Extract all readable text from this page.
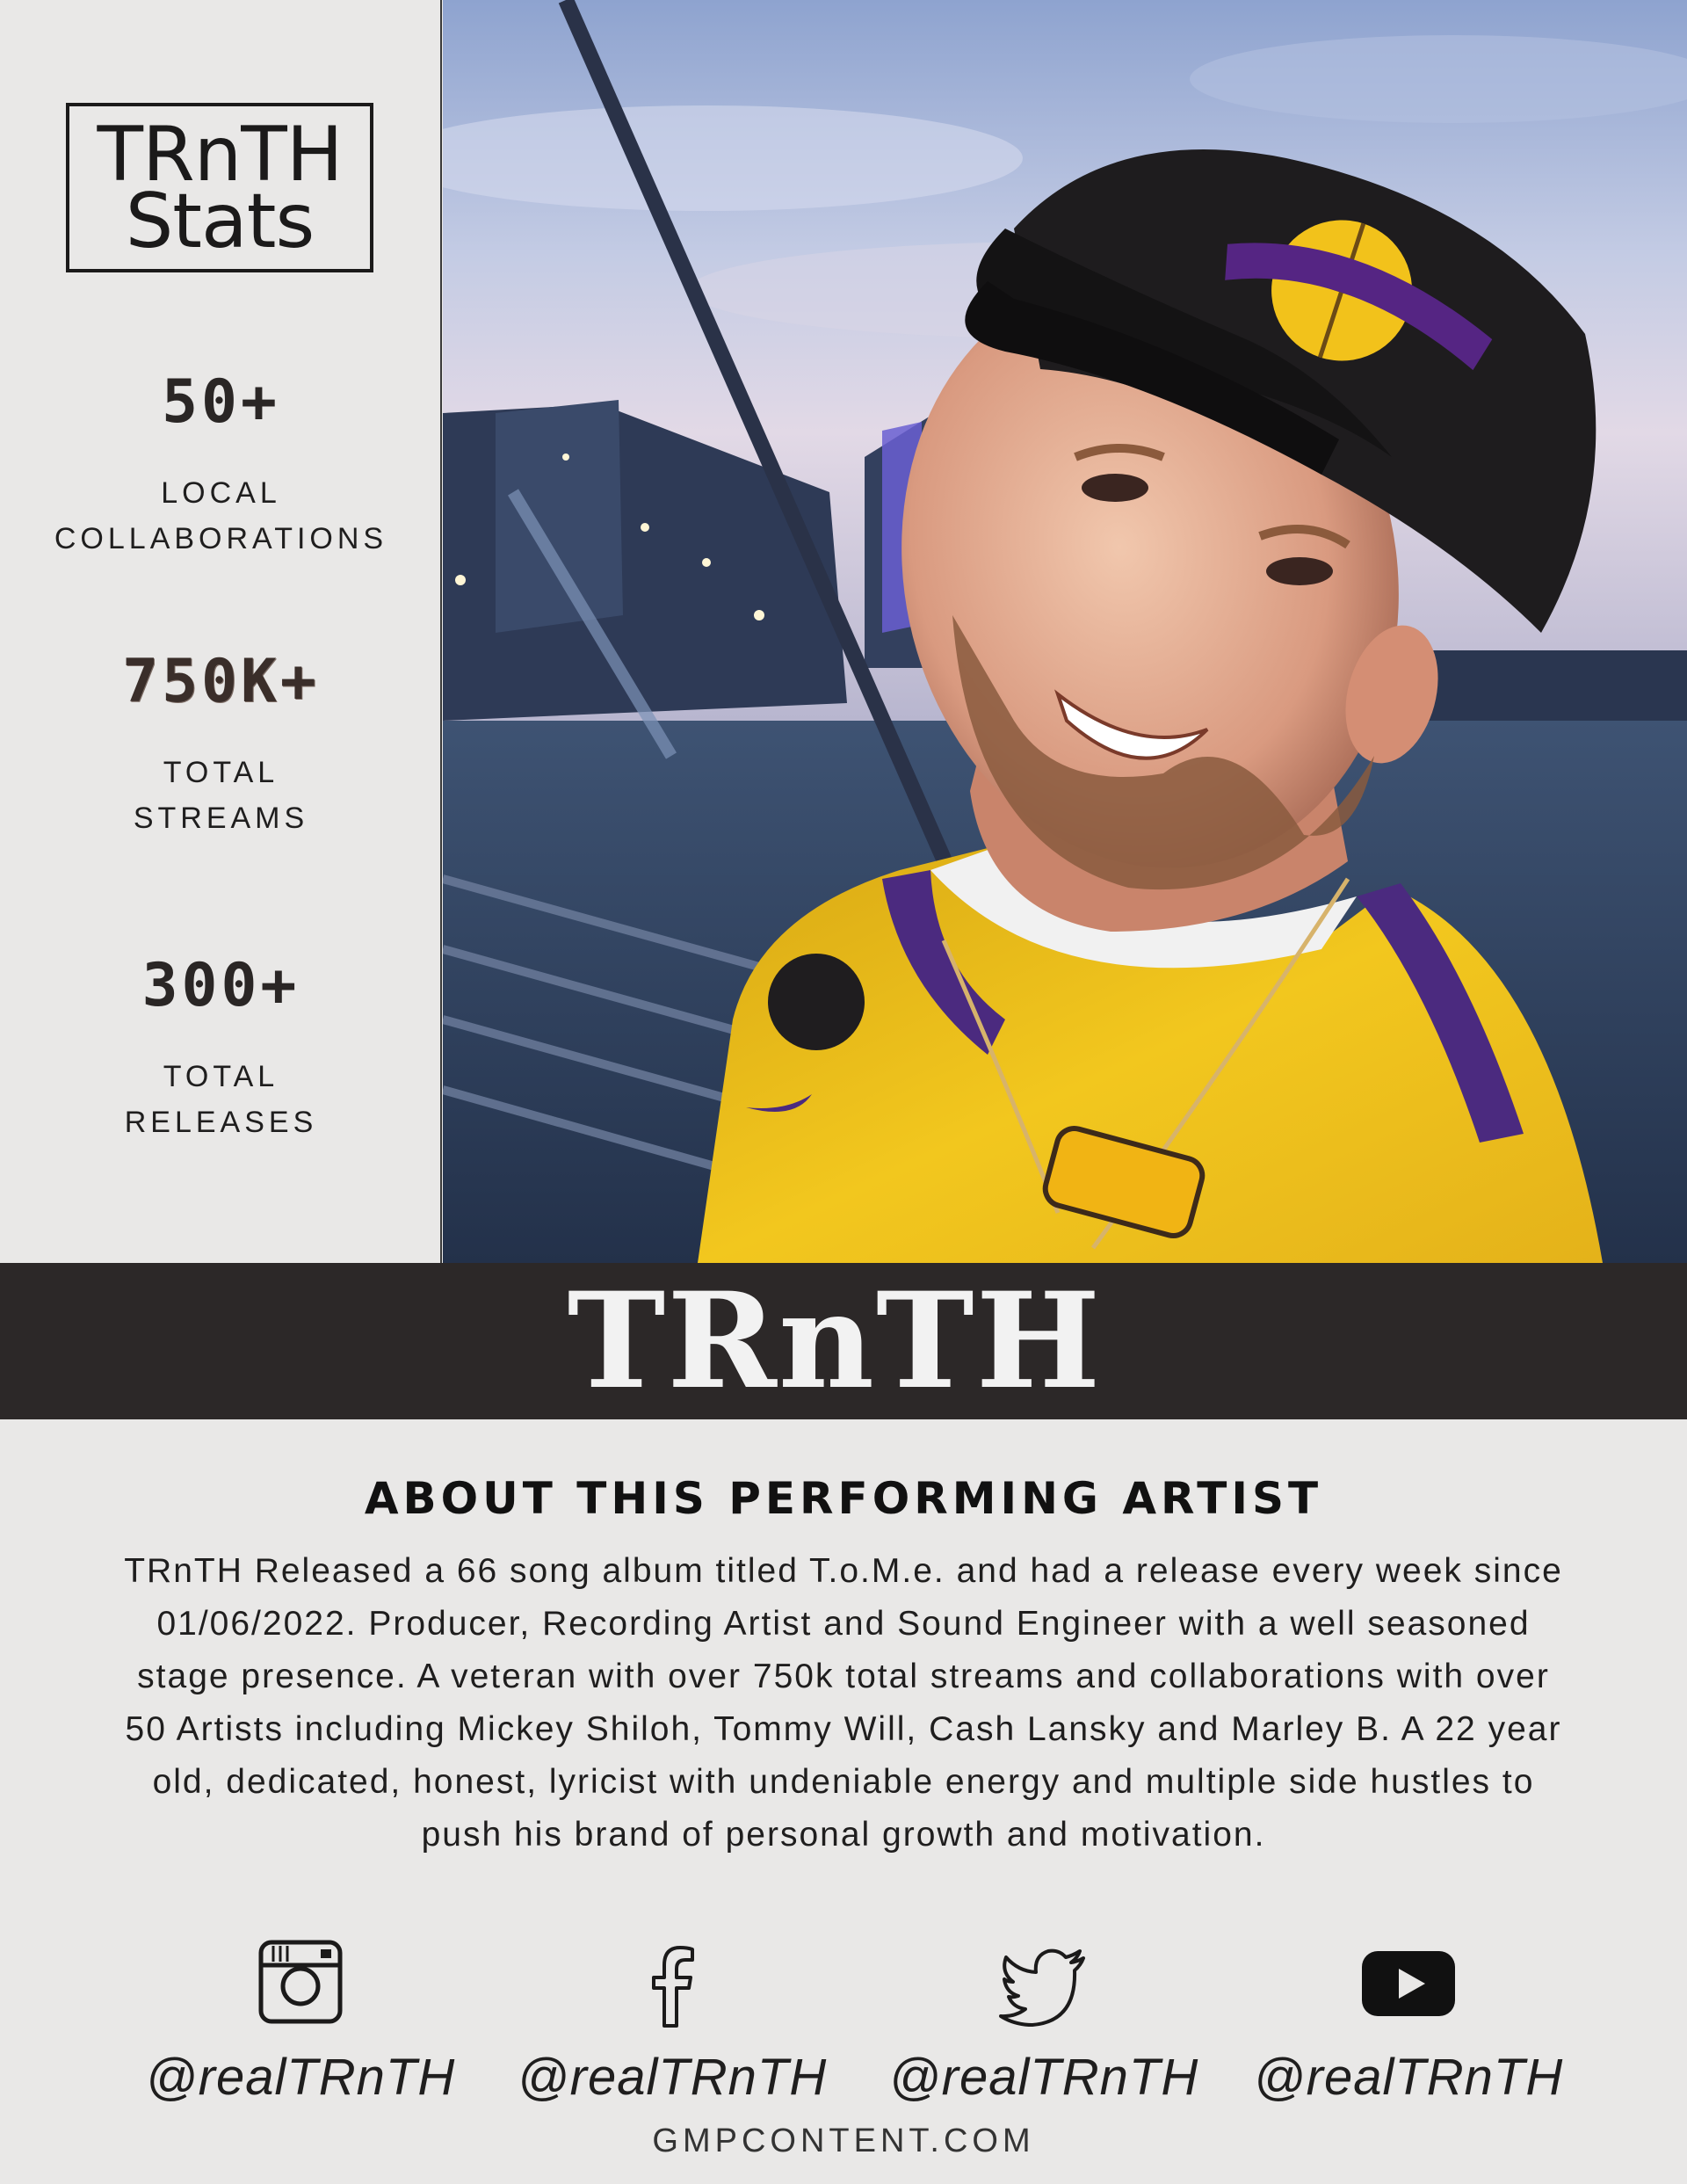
TRnTH
Stats
50+
LOCAL
COLLABORATIONS
750K+
TOTAL
STREAMS
300+
TOTAL
RELEASES
TRnTH
ABOUT THIS PERFORMING ARTIST
TRnTH Released a 66 song album titled T.o.M.e. and had a release every week since 01/06/2022. Producer, Recording Artist and Sound Engineer with a well seasoned stage presence. A veteran with over 750k total streams and collaborations with over 50 Artists including Mickey Shiloh, Tommy Will, Cash Lansky and Marley B. A 22 year old, dedicated, honest, lyricist with undeniable energy and multiple side hustles to push his brand of personal growth and motivation.
@realTRnTH	@realTRnTH	@realTRnTH	@realTRnTH
GMPCONTENT.COM
